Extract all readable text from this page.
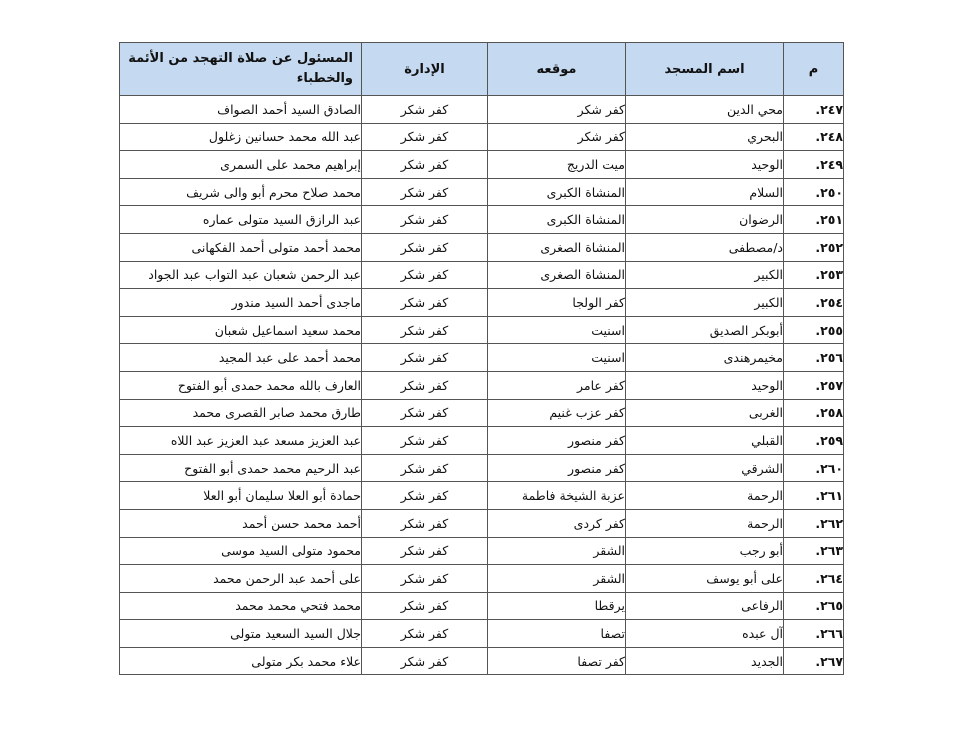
م	اسم المسجد	موقعه	الإدارة	المسئول عن صلاة التهجد من الأئمة والخطباء
٢٤٧.	محي الدين	كفر شكر	كفر شكر	الصادق السيد أحمد الصواف
٢٤٨.	البحري	كفر شكر	كفر شكر	عبد الله محمد حسانين زغلول
٢٤٩.	الوحيد	ميت الدريج	كفر شكر	إبراهيم محمد على السمرى
٢٥٠.	السلام	المنشاة الكبرى	كفر شكر	محمد صلاح محرم أبو والى شريف
٢٥١.	الرضوان	المنشاة الكبرى	كفر شكر	عبد الرازق السيد متولى عماره
٢٥٢.	د/مصطفى	المنشاة الصغرى	كفر شكر	محمد أحمد متولى أحمد الفكهانى
٢٥٣.	الكبير	المنشاة الصغرى	كفر شكر	عبد الرحمن شعبان عبد التواب عبد الجواد
٢٥٤.	الكبير	كفر الولجا	كفر شكر	ماجدى أحمد السيد مندور
٢٥٥.	أبوبكر الصديق	اسنيت	كفر شكر	محمد سعيد اسماعيل شعبان
٢٥٦.	مخيمرهندى	اسنيت	كفر شكر	محمد أحمد على عبد المجيد
٢٥٧.	الوحيد	كفر عامر	كفر شكر	العارف بالله محمد حمدى أبو الفتوح
٢٥٨.	الغربى	كفر عزب غنيم	كفر شكر	طارق محمد صابر القصرى محمد
٢٥٩.	القبلي	كفر منصور	كفر شكر	عبد العزيز مسعد عبد العزيز عبد اللاه
٢٦٠.	الشرقي	كفر منصور	كفر شكر	عبد الرحيم محمد حمدى أبو الفتوح
٢٦١.	الرحمة	عزبة الشيخة فاطمة	كفر شكر	حمادة أبو العلا سليمان أبو العلا
٢٦٢.	الرحمة	كفر كردى	كفر شكر	أحمد محمد حسن أحمد
٢٦٣.	أبو رجب	الشقر	كفر شكر	محمود متولى السيد موسى
٢٦٤.	على أبو يوسف	الشقر	كفر شكر	على أحمد عبد الرحمن محمد
٢٦٥.	الرفاعى	يرقطا	كفر شكر	محمد فتحي محمد محمد
٢٦٦.	آل عبده	تصفا	كفر شكر	جلال السيد السعيد متولى
٢٦٧.	الجديد	كفر تصفا	كفر شكر	علاء محمد بكر متولى
